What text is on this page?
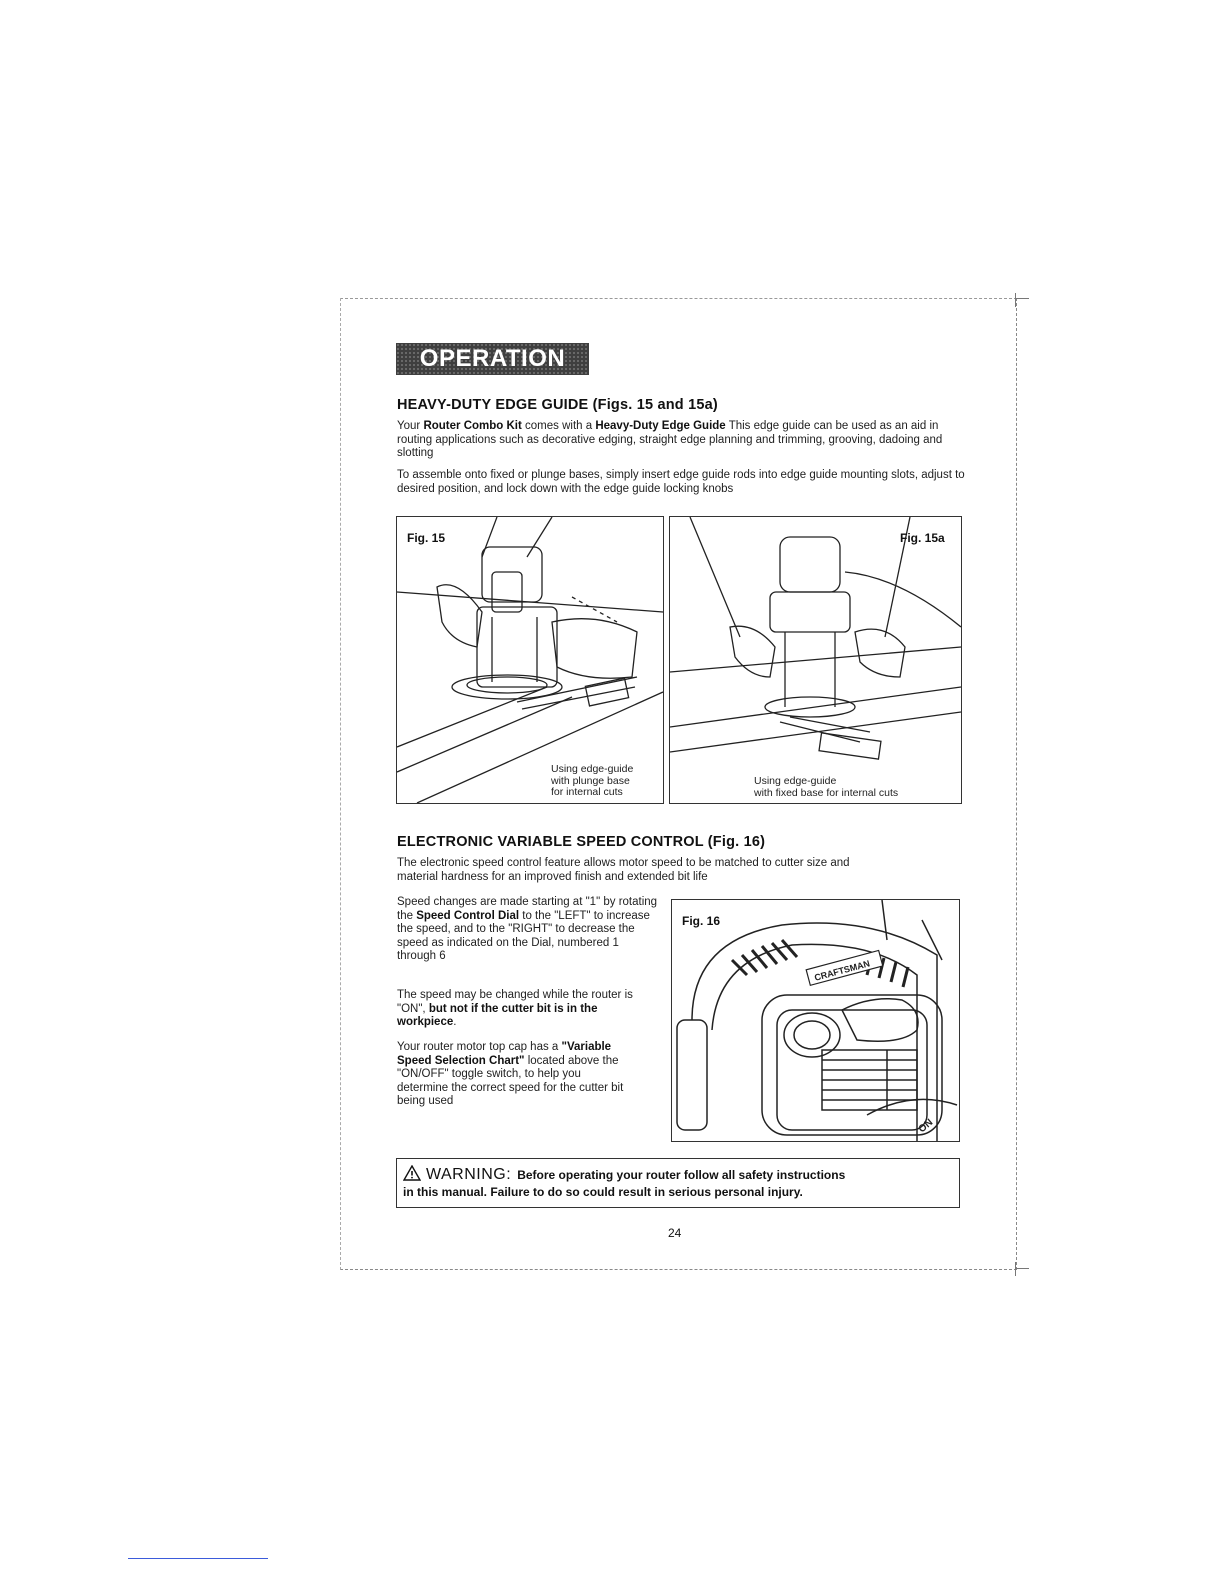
OPERATION cont.
HEAVY-DUTY EDGE GUIDE (Figs. 15 and 15a)

Your Router Combo Kit comes with a Heavy-Duty Edge Guide This edge guide can be used as an aid in routing applications such as decorative edging, straight edge planning and trimming, grooving, dadoing and slotting

To assemble onto fixed or plunge bases, simply insert edge guide rods into edge guide mounting slots, adjust to desired position, and lock down with the edge guide locking knobs

Fig. 15
Using edge-guide
with plunge base
for internal cuts
Fig. 15a
Using edge-guide
with fixed base for internal cuts
ELECTRONIC VARIABLE SPEED CONTROL (Fig. 16)

The electronic speed control feature allows motor speed to be matched to cutter size and material hardness for an improved finish and extended bit life

Speed changes are made starting at "1" by rotating the Speed Control Dial to the "LEFT" to increase the speed, and to the "RIGHT" to decrease the speed as indicated on the Dial, numbered 1 through 6

The speed may be changed while the router is "ON", but not if the cutter bit is in the workpiece.

Your router motor top cap has a "Variable Speed Selection Chart" located above the "ON/OFF" toggle switch, to help you determine the correct speed for the cutter bit being used

CRAFTSMAN
ON
Fig. 16
WARNING: Before operating your router follow all safety instructions
in this manual. Failure to do so could result in serious personal injury.
24
